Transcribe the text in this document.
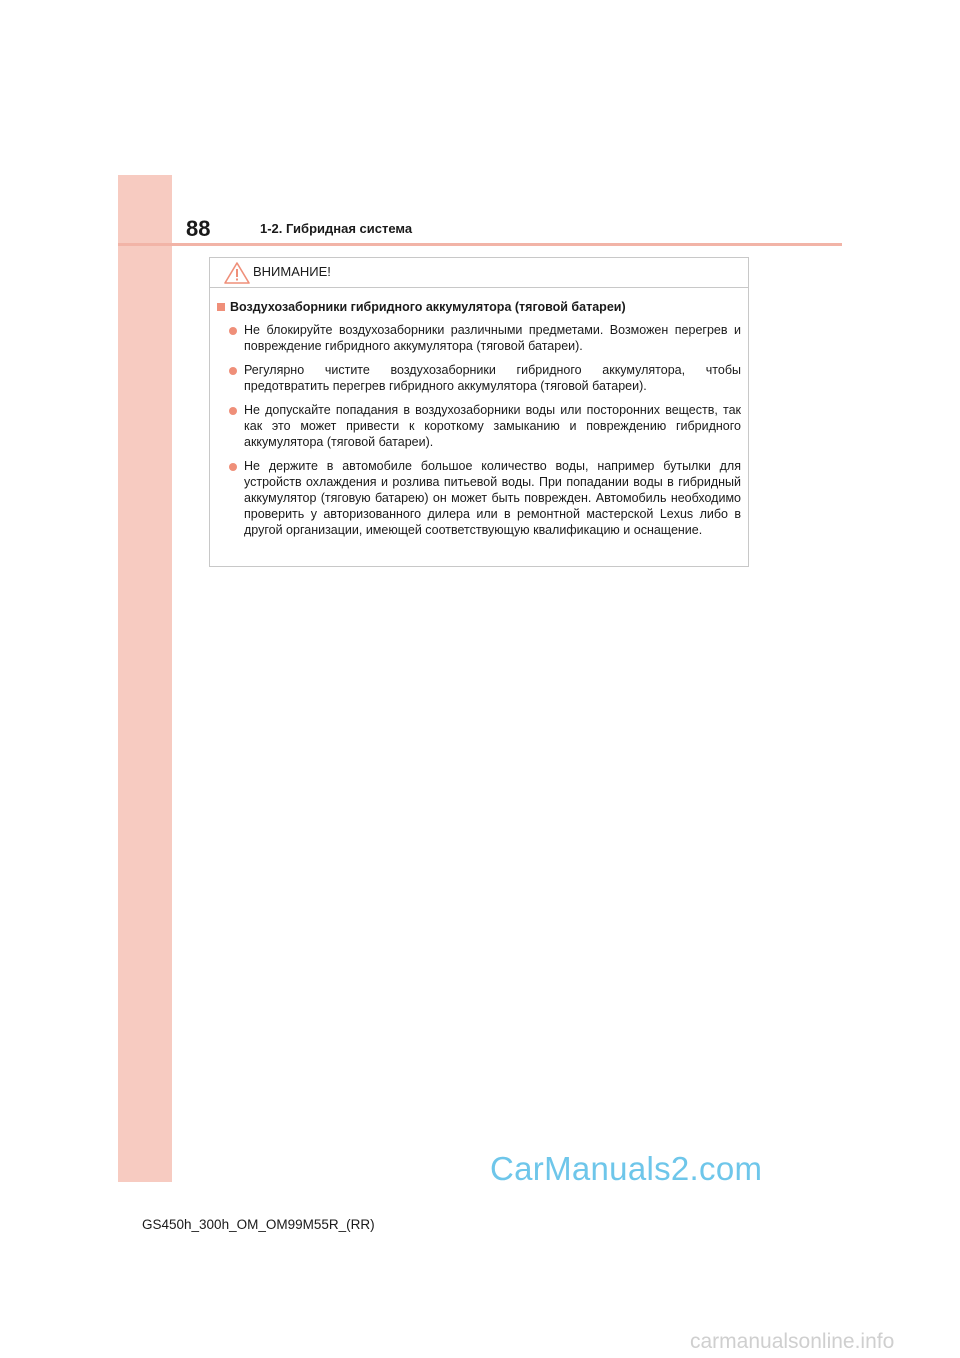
88	1-2. Гибридная система
ВНИМАНИЕ!
Воздухозаборники гибридного аккумулятора (тяговой батареи)
Не блокируйте воздухозаборники различными предметами. Возможен перегрев и повреждение гибридного аккумулятора (тяговой батареи).
Регулярно чистите воздухозаборники гибридного аккумулятора, чтобы предотвратить перегрев гибридного аккумулятора (тяговой батареи).
Не допускайте попадания в воздухозаборники воды или посторонних веществ, так как это может привести к короткому замыканию и повреждению гибридного аккумулятора (тяговой батареи).
Не держите в автомобиле большое количество воды, например бутылки для устройств охлаждения и розлива питьевой воды. При попадании воды в гибридный аккумулятор (тяговую батарею) он может быть поврежден. Автомобиль необходимо проверить у авторизованного дилера или в ремонтной мастерской Lexus либо в другой организации, имеющей соответствующую квалификацию и оснащение.
CarManuals2.com
GS450h_300h_OM_OM99M55R_(RR)
carmanualsonline.info
